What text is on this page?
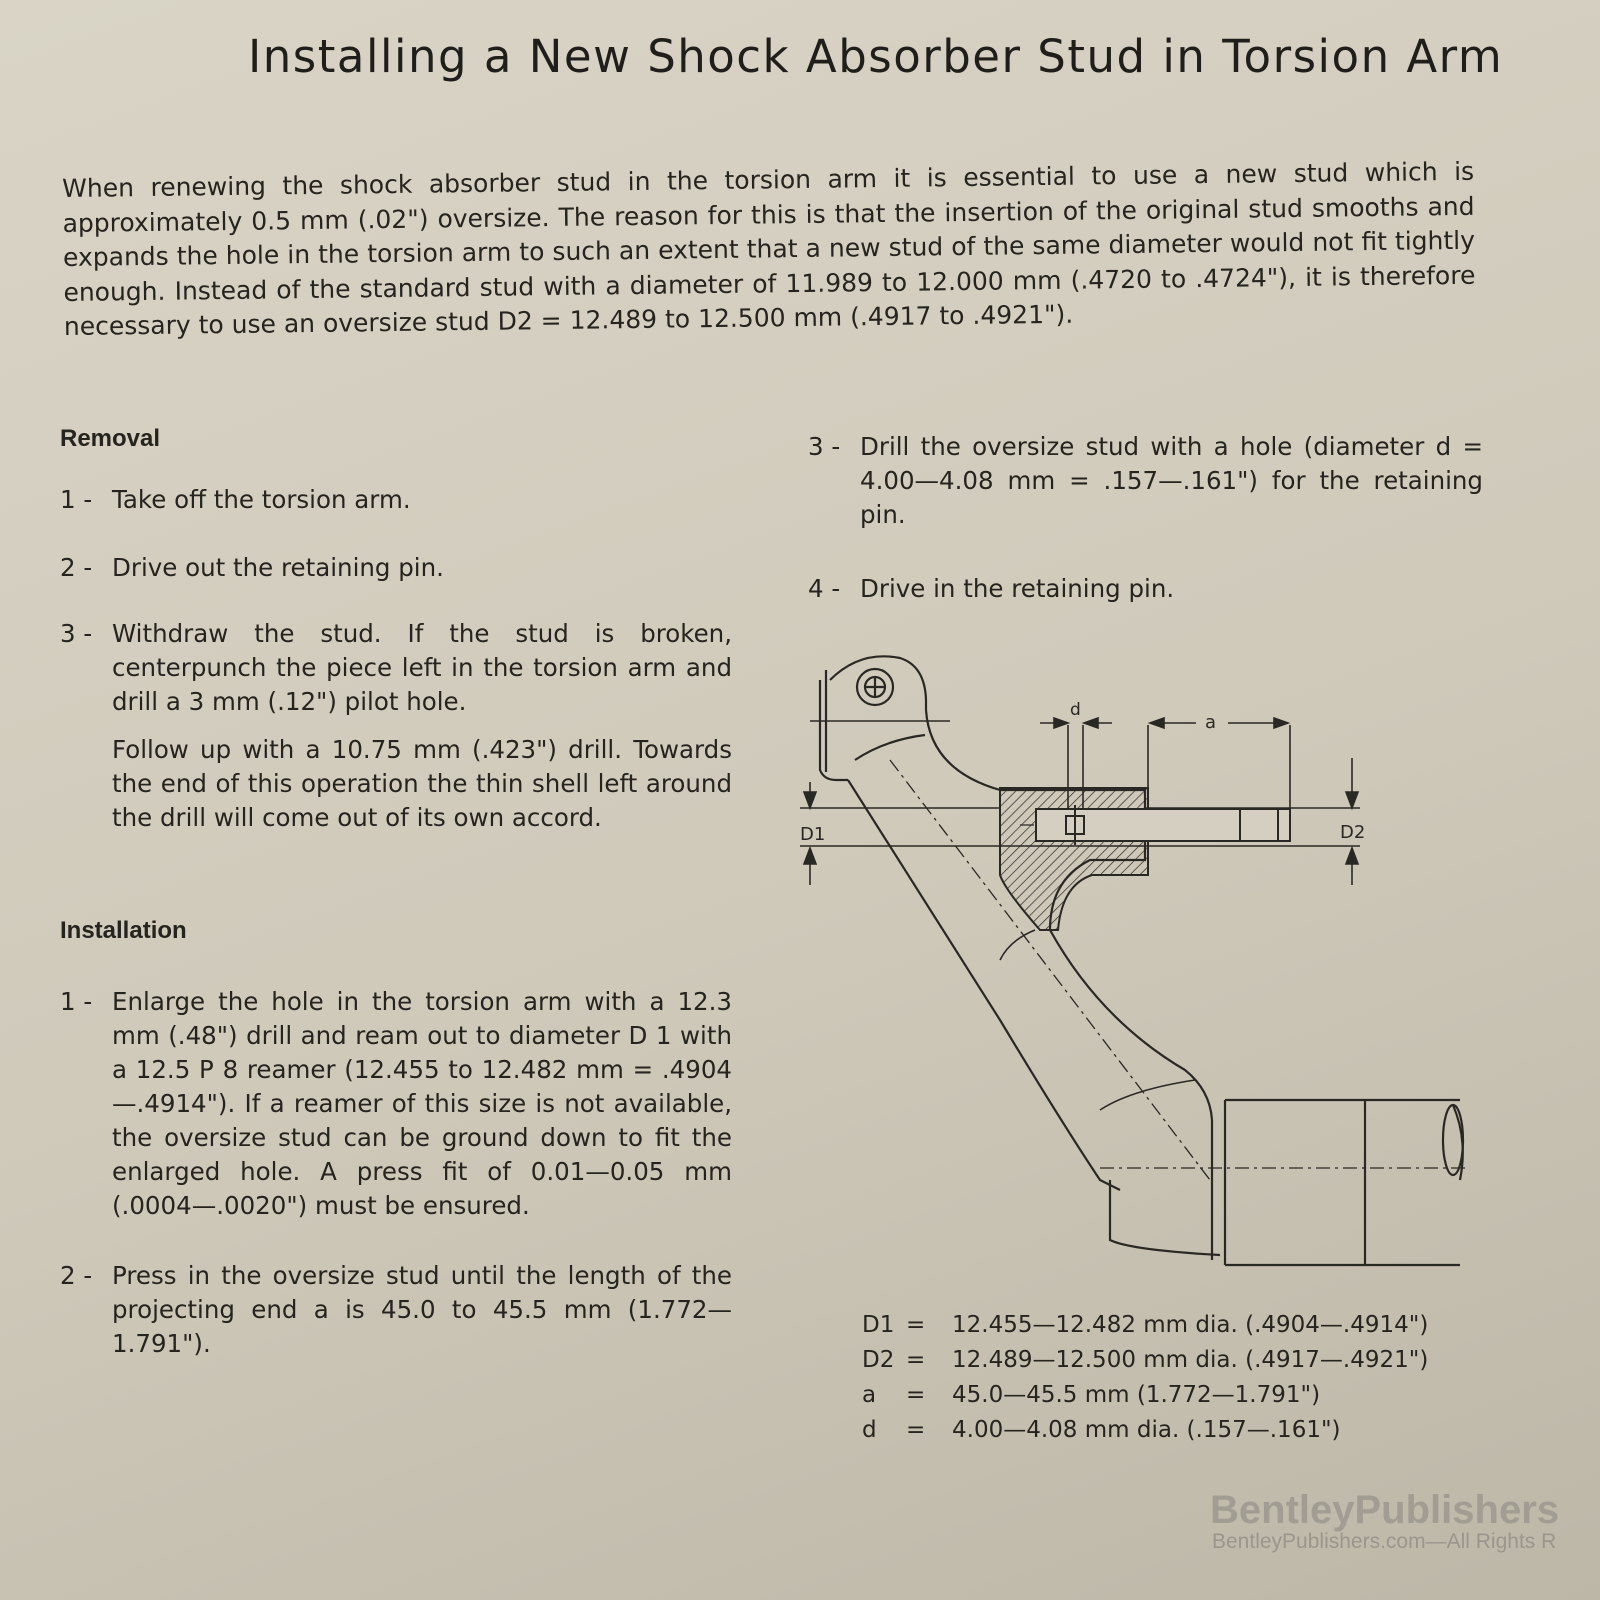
Installing a New Shock Absorber Stud in Torsion Arm

When renewing the shock absorber stud in the torsion arm it is essential to use a new stud which is approximately 0.5 mm (.02") oversize. The reason for this is that the insertion of the original stud smooths and expands the hole in the torsion arm to such an extent that a new stud of the same diameter would not fit tightly enough. Instead of the standard stud with a diameter of 11.989 to 12.000 mm (.4720 to .4724"), it is therefore necessary to use an oversize stud D2 = 12.489 to 12.500 mm (.4917 to .4921").

Removal

1 - Take off the torsion arm.
2 - Drive out the retaining pin.
3 - Withdraw the stud. If the stud is broken, centerpunch the piece left in the torsion arm and drill a 3 mm (.12") pilot hole.
Follow up with a 10.75 mm (.423") drill. Towards the end of this operation the thin shell left around the drill will come out of its own accord.

Installation

1 - Enlarge the hole in the torsion arm with a 12.3 mm (.48") drill and ream out to diameter D 1 with a 12.5 P 8 reamer (12.455 to 12.482 mm = .4904—.4914"). If a reamer of this size is not available, the oversize stud can be ground down to fit the enlarged hole. A press fit of 0.01—0.05 mm (.0004—.0020") must be ensured.
2 - Press in the oversize stud until the length of the projecting end a is 45.0 to 45.5 mm (1.772—1.791").
3 - Drill the oversize stud with a hole (diameter d = 4.00—4.08 mm = .157—.161") for the retaining pin.
4 - Drive in the retaining pin.
d
a
D1	D2
D1 =	12.455—12.482 mm dia. (.4904—.4914")
D2 =	12.489—12.500 mm dia. (.4917—.4921")
a	=	45.0—45.5 mm (1.772—1.791")
d	=	4.00—4.08 mm dia. (.157—.161")
BentleyPublishers
BentleyPublishers.com—All Rights R
